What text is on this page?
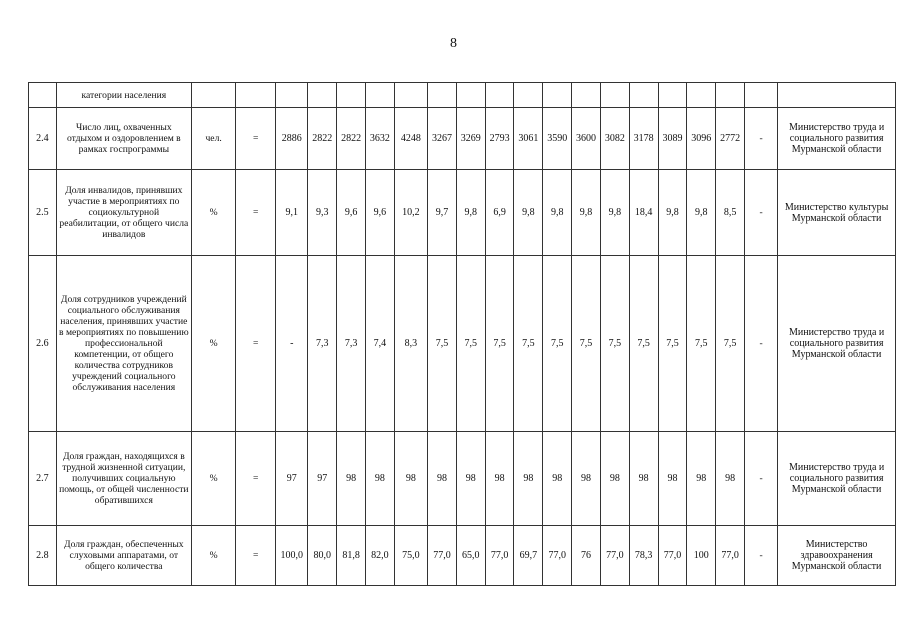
8
	категории населения																				
2.4	Число лиц, охваченных отдыхом и оздоровлением в рамках госпрограммы	чел.	=	2886	2822	2822	3632	4248	3267	3269	2793	3061	3590	3600	3082	3178	3089	3096	2772	-	Министерство труда и социального развития Мурманской области
2.5	Доля инвалидов, принявших участие в мероприятиях по социокультурной реабилитации, от общего числа инвалидов	%	=	9,1	9,3	9,6	9,6	10,2	9,7	9,8	6,9	9,8	9,8	9,8	9,8	18,4	9,8	9,8	8,5	-	Министерство культуры Мурманской области
2.6	Доля сотрудников учреждений социального обслуживания населения, принявших участие в мероприятиях по повышению профессиональной компетенции, от общего количества сотрудников учреждений социального обслуживания населения	%	=	-	7,3	7,3	7,4	8,3	7,5	7,5	7,5	7,5	7,5	7,5	7,5	7,5	7,5	7,5	7,5	-	Министерство труда и социального развития Мурманской области
2.7	Доля граждан, находящихся в трудной жизненной ситуации, получивших социальную помощь, от общей численности обратившихся	%	=	97	97	98	98	98	98	98	98	98	98	98	98	98	98	98	98	-	Министерство труда и социального развития Мурманской области
2.8	Доля граждан, обеспеченных слуховыми аппаратами, от общего количества	%	=	100,0	80,0	81,8	82,0	75,0	77,0	65,0	77,0	69,7	77,0	76	77,0	78,3	77,0	100	77,0	-	Министерство здравоохранения Мурманской области
